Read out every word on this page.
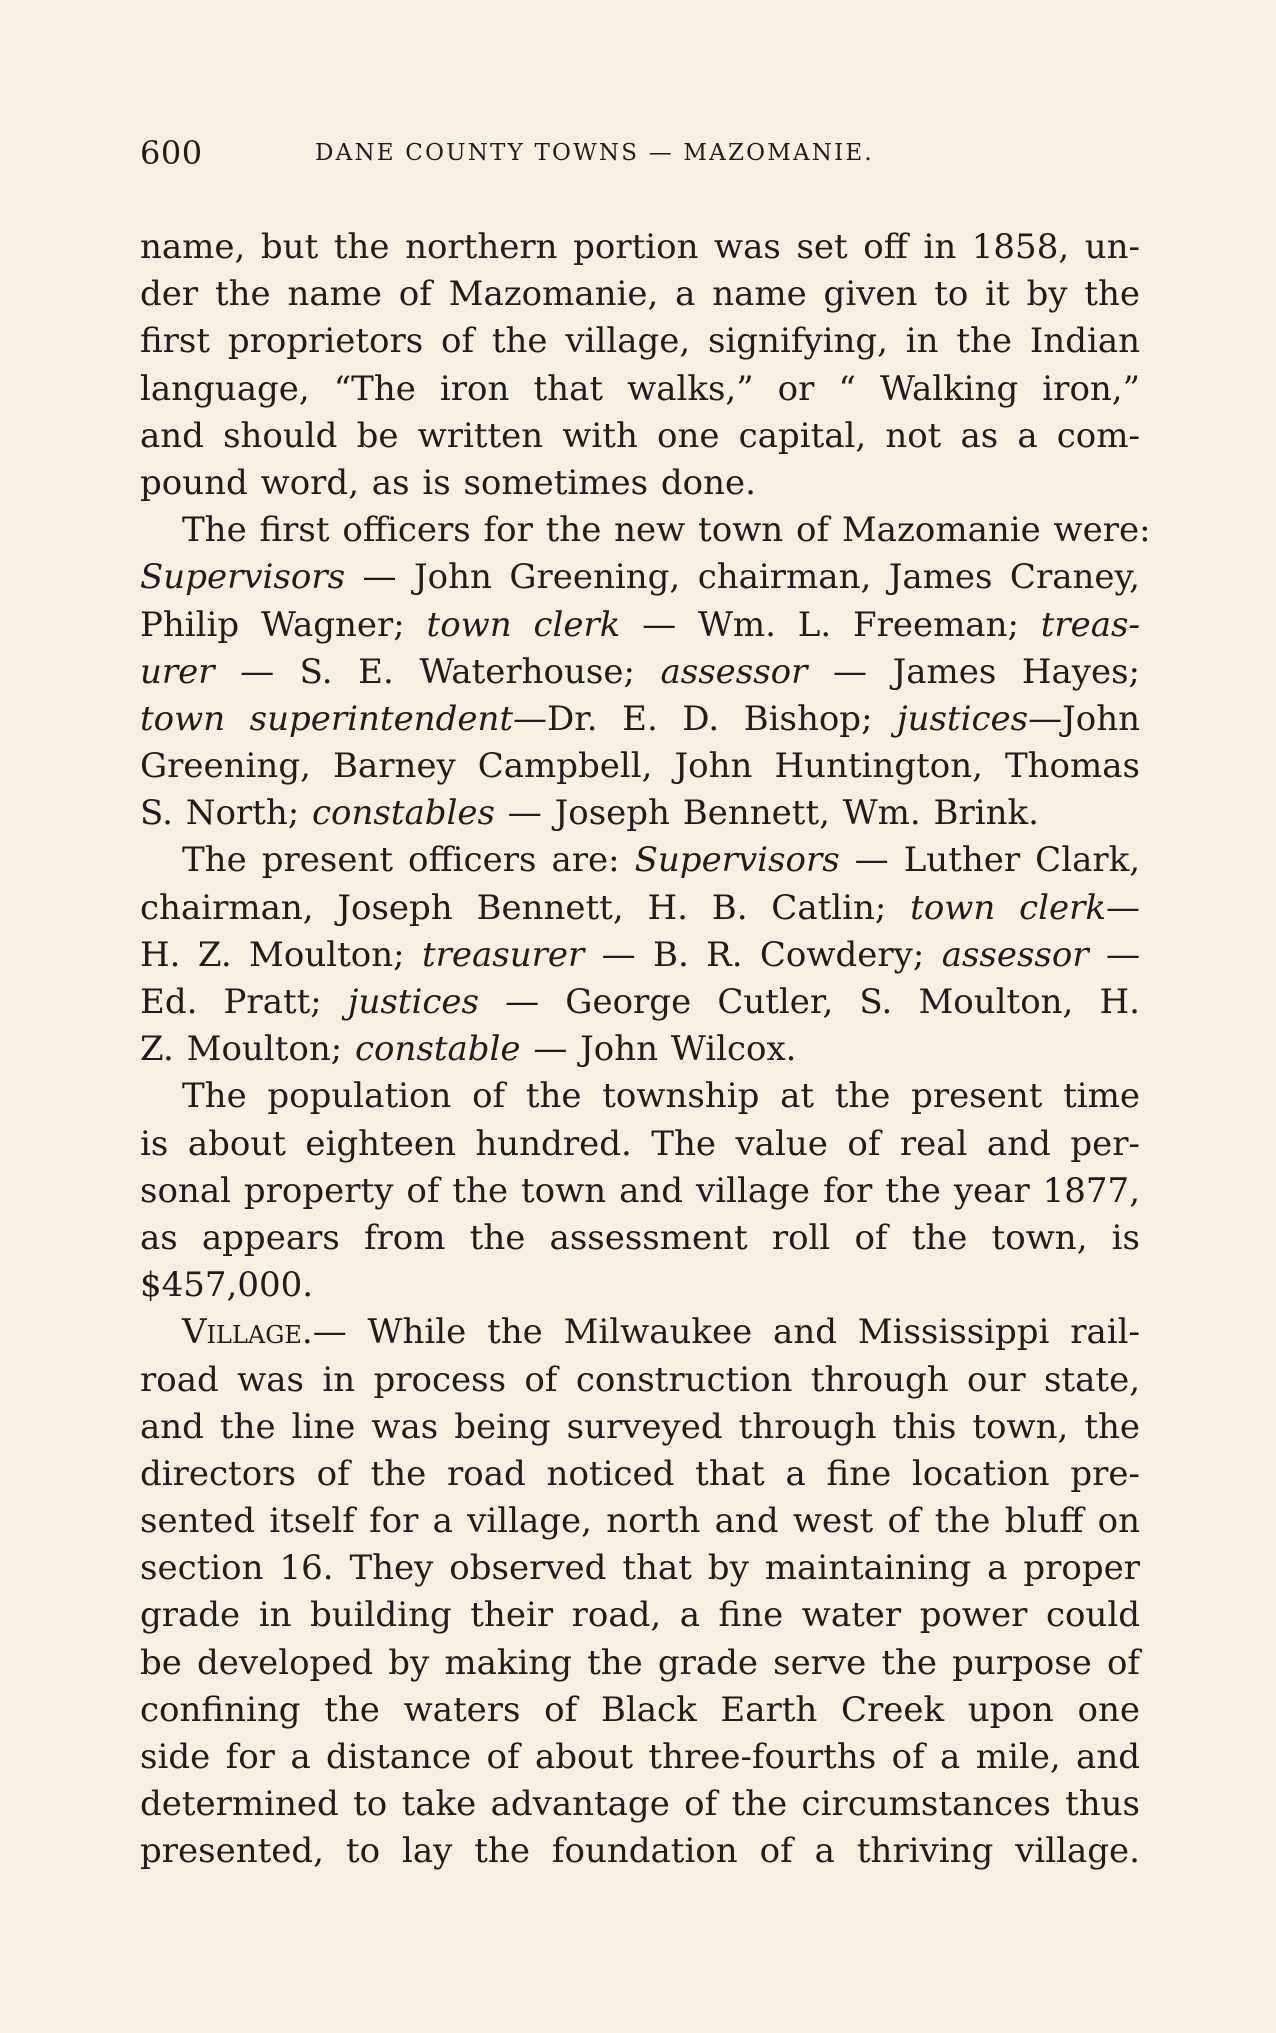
600	DANE COUNTY TOWNS — MAZOMANIE.
name, but the northern portion was set off in 1858, un-
der the name of Mazomanie, a name given to it by the
first proprietors of the village, signifying, in the Indian
language, “The iron that walks,” or “ Walking iron,”
and should be written with one capital, not as a com-
pound word, as is sometimes done.
The first officers for the new town of Mazomanie were:
Supervisors — John Greening, chairman, James Craney,
Philip Wagner; town clerk — Wm. L. Freeman; treas-
urer — S. E. Waterhouse; assessor — James Hayes;
town superintendent—Dr. E. D. Bishop; justices—John
Greening, Barney Campbell, John Huntington, Thomas
S. North; constables — Joseph Bennett, Wm. Brink.
The present officers are: Supervisors — Luther Clark,
chairman, Joseph Bennett, H. B. Catlin; town clerk—
H. Z. Moulton; treasurer — B. R. Cowdery; assessor —
Ed. Pratt; justices — George Cutler, S. Moulton, H.
Z. Moulton; constable — John Wilcox.
The population of the township at the present time
is about eighteen hundred. The value of real and per-
sonal property of the town and village for the year 1877,
as appears from the assessment roll of the town, is
$457,000.
Village.— While the Milwaukee and Mississippi rail-
road was in process of construction through our state,
and the line was being surveyed through this town, the
directors of the road noticed that a fine location pre-
sented itself for a village, north and west of the bluff on
section 16. They observed that by maintaining a proper
grade in building their road, a fine water power could
be developed by making the grade serve the purpose of
confining the waters of Black Earth Creek upon one
side for a distance of about three-fourths of a mile, and
determined to take advantage of the circumstances thus
presented, to lay the foundation of a thriving village.
